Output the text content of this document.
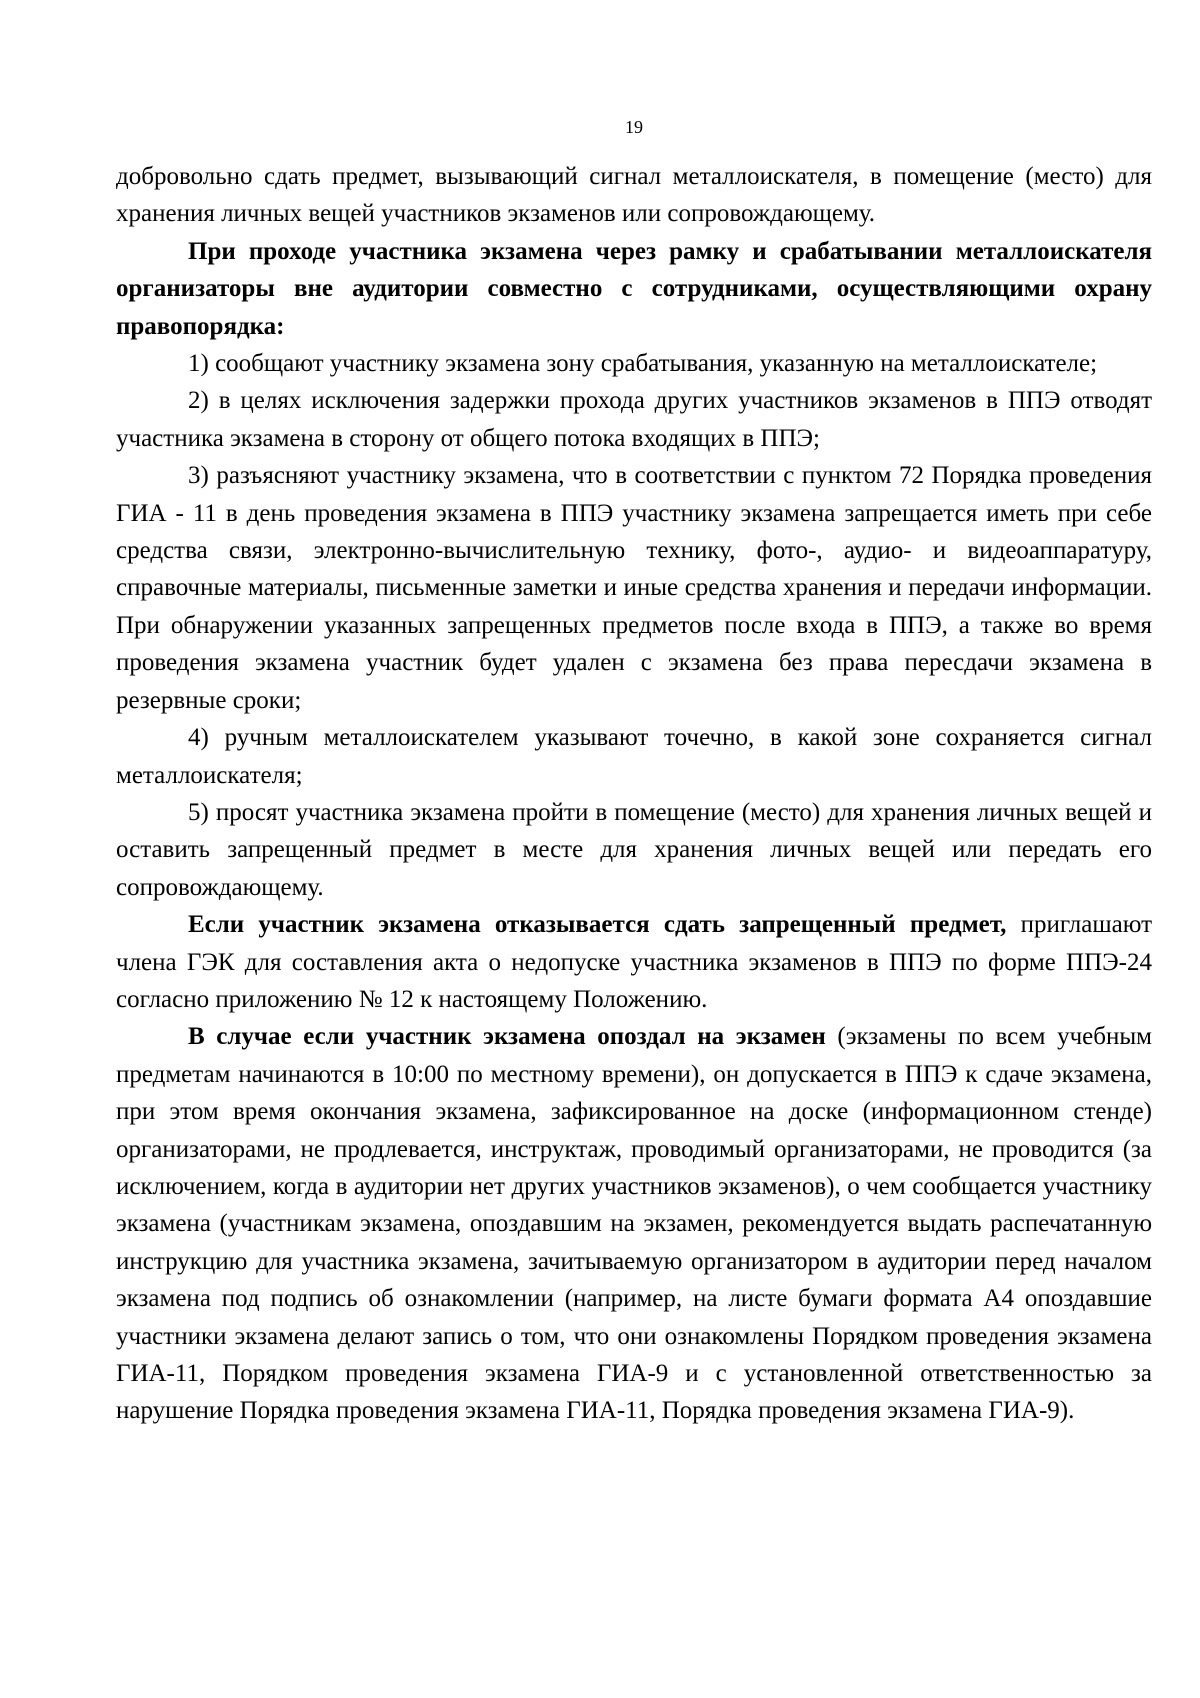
19

добровольно сдать предмет, вызывающий сигнал металлоискателя, в помещение (место) для хранения личных вещей участников экзаменов или сопровождающему.

При проходе участника экзамена через рамку и срабатывании металлоискателя организаторы вне аудитории совместно с сотрудниками, осуществляющими охрану правопорядка:

1) сообщают участнику экзамена зону срабатывания, указанную на металлоискателе;

2) в целях исключения задержки прохода других участников экзаменов в ППЭ отводят участника экзамена в сторону от общего потока входящих в ППЭ;

3) разъясняют участнику экзамена, что в соответствии с пунктом 72 Порядка проведения ГИА - 11 в день проведения экзамена в ППЭ участнику экзамена запрещается иметь при себе средства связи, электронно-вычислительную технику, фото-, аудио- и видеоаппаратуру, справочные материалы, письменные заметки и иные средства хранения и передачи информации. При обнаружении указанных запрещенных предметов после входа в ППЭ, а также во время проведения экзамена участник будет удален с экзамена без права пересдачи экзамена в резервные сроки;

4) ручным металлоискателем указывают точечно, в какой зоне сохраняется сигнал металлоискателя;

5) просят участника экзамена пройти в помещение (место) для хранения личных вещей и оставить запрещенный предмет в месте для хранения личных вещей или передать его сопровождающему.

Если участник экзамена отказывается сдать запрещенный предмет, приглашают члена ГЭК для составления акта о недопуске участника экзаменов в ППЭ по форме ППЭ-24 согласно приложению № 12 к настоящему Положению.

В случае если участник экзамена опоздал на экзамен (экзамены по всем учебным предметам начинаются в 10:00 по местному времени), он допускается в ППЭ к сдаче экзамена, при этом время окончания экзамена, зафиксированное на доске (информационном стенде) организаторами, не продлевается, инструктаж, проводимый организаторами, не проводится (за исключением, когда в аудитории нет других участников экзаменов), о чем сообщается участнику экзамена (участникам экзамена, опоздавшим на экзамен, рекомендуется выдать распечатанную инструкцию для участника экзамена, зачитываемую организатором в аудитории перед началом экзамена под подпись об ознакомлении (например, на листе бумаги формата А4 опоздавшие участники экзамена делают запись о том, что они ознакомлены Порядком проведения экзамена ГИА-11, Порядком проведения экзамена ГИА-9 и с установленной ответственностью за нарушение Порядка проведения экзамена ГИА-11, Порядка проведения экзамена ГИА-9).
